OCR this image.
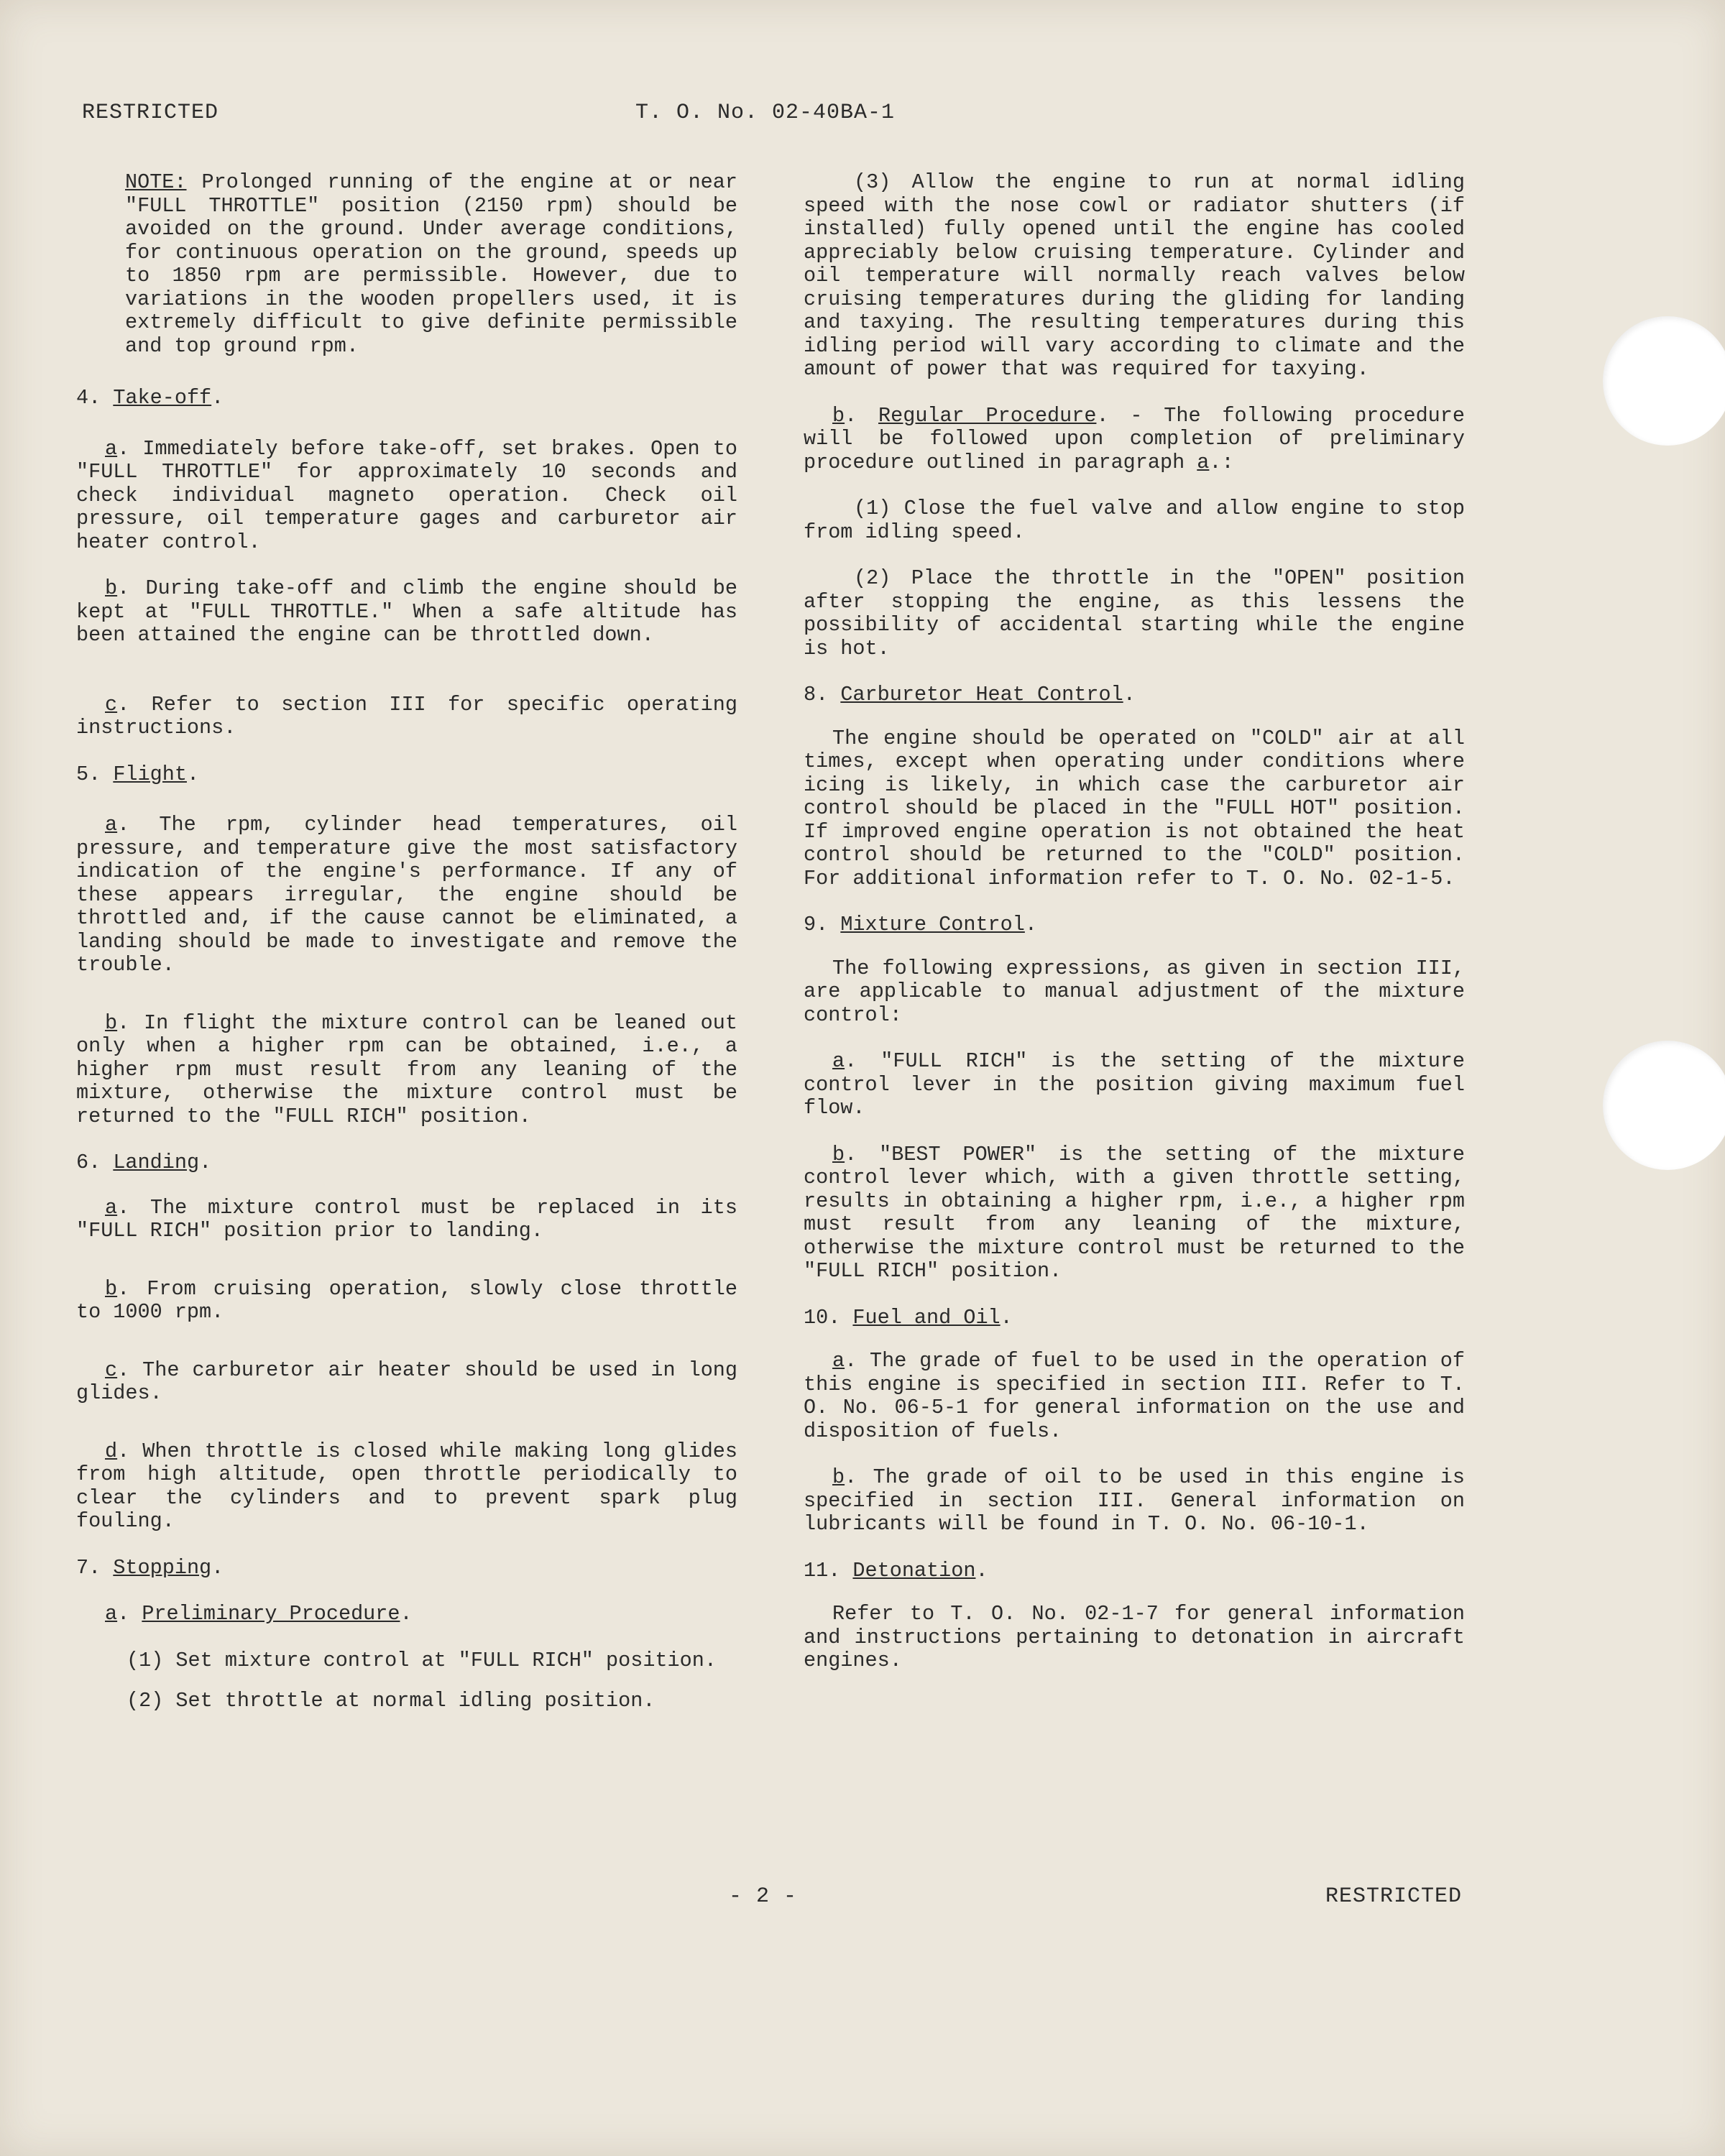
RESTRICTED	T. O. No. 02-40BA-1

NOTE: Prolonged running of the engine at or near "FULL THROTTLE" position (2150 rpm) should be avoided on the ground. Under average conditions, for continuous operation on the ground, speeds up to 1850 rpm are permissible. However, due to variations in the wooden propellers used, it is extremely difficult to give definite permissible and top ground rpm.

4. Take-off.

a. Immediately before take-off, set brakes. Open to "FULL THROTTLE" for approximately 10 seconds and check individual magneto operation. Check oil pressure, oil temperature gages and carburetor air heater control.

b. During take-off and climb the engine should be kept at "FULL THROTTLE." When a safe altitude has been attained the engine can be throttled down.

c. Refer to section III for specific operating instructions.

5. Flight.

a. The rpm, cylinder head temperatures, oil pressure, and temperature give the most satisfactory indication of the engine's performance. If any of these appears irregular, the engine should be throttled and, if the cause cannot be eliminated, a landing should be made to investigate and remove the trouble.

b. In flight the mixture control can be leaned out only when a higher rpm can be obtained, i.e., a higher rpm must result from any leaning of the mixture, otherwise the mixture control must be returned to the "FULL RICH" position.

6. Landing.

a. The mixture control must be replaced in its "FULL RICH" position prior to landing.

b. From cruising operation, slowly close throttle to 1000 rpm.

c. The carburetor air heater should be used in long glides.

d. When throttle is closed while making long glides from high altitude, open throttle periodically to clear the cylinders and to prevent spark plug fouling.

7. Stopping.

a. Preliminary Procedure.

(1) Set mixture control at "FULL RICH" position.

(2) Set throttle at normal idling position.

(3) Allow the engine to run at normal idling speed with the nose cowl or radiator shutters (if installed) fully opened until the engine has cooled appreciably below cruising temperature. Cylinder and oil temperature will normally reach valves below cruising temperatures during the gliding for landing and taxying. The resulting temperatures during this idling period will vary according to climate and the amount of power that was required for taxying.

b. Regular Procedure. - The following procedure will be followed upon completion of preliminary procedure outlined in paragraph a.:

(1) Close the fuel valve and allow engine to stop from idling speed.

(2) Place the throttle in the "OPEN" position after stopping the engine, as this lessens the possibility of accidental starting while the engine is hot.

8. Carburetor Heat Control.

The engine should be operated on "COLD" air at all times, except when operating under conditions where icing is likely, in which case the carburetor air control should be placed in the "FULL HOT" position. If improved engine operation is not obtained the heat control should be returned to the "COLD" position. For additional information refer to T. O. No. 02-1-5.

9. Mixture Control.

The following expressions, as given in section III, are applicable to manual adjustment of the mixture control:

a. "FULL RICH" is the setting of the mixture control lever in the position giving maximum fuel flow.

b. "BEST POWER" is the setting of the mixture control lever which, with a given throttle setting, results in obtaining a higher rpm, i.e., a higher rpm must result from any leaning of the mixture, otherwise the mixture control must be returned to the "FULL RICH" position.

10. Fuel and Oil.

a. The grade of fuel to be used in the operation of this engine is specified in section III. Refer to T. O. No. 06-5-1 for general information on the use and disposition of fuels.

b. The grade of oil to be used in this engine is specified in section III. General information on lubricants will be found in T. O. No. 06-10-1.

11. Detonation.

Refer to T. O. No. 02-1-7 for general information and instructions pertaining to detonation in aircraft engines.

- 2 -	RESTRICTED
